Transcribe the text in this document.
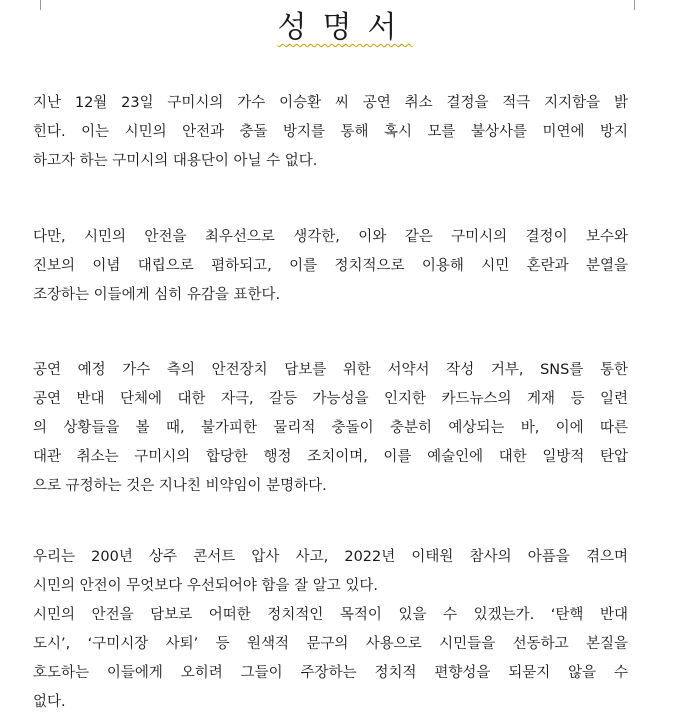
성명서

지난 12월 23일 구미시의 가수 이승환 씨 공연 취소 결정을 적극 지지함을 밝
힌다. 이는 시민의 안전과 충돌 방지를 통해 혹시 모를 불상사를 미연에 방지
하고자 하는 구미시의 대용단이 아닐 수 없다.

다만, 시민의 안전을 최우선으로 생각한, 이와 같은 구미시의 결정이 보수와
진보의 이념 대립으로 폄하되고, 이를 정치적으로 이용해 시민 혼란과 분열을
조장하는 이들에게 심히 유감을 표한다.

공연 예정 가수 측의 안전장치 담보를 위한 서약서 작성 거부, SNS를 통한
공연 반대 단체에 대한 자극, 갈등 가능성을 인지한 카드뉴스의 게재 등 일련
의 상황들을 볼 때, 불가피한 물리적 충돌이 충분히 예상되는 바, 이에 따른
대관 취소는 구미시의 합당한 행정 조치이며, 이를 예술인에 대한 일방적 탄압
으로 규정하는 것은 지나친 비약임이 분명하다.

우리는 200년 상주 콘서트 압사 사고, 2022년 이태원 참사의 아픔을 겪으며
시민의 안전이 무엇보다 우선되어야 함을 잘 알고 있다.
시민의 안전을 담보로 어떠한 정치적인 목적이 있을 수 있겠는가. ‘탄핵 반대
도시’, ‘구미시장 사퇴’ 등 원색적 문구의 사용으로 시민들을 선동하고 본질을
호도하는 이들에게 오히려 그들이 주장하는 정치적 편향성을 되묻지 않을 수
없다.
